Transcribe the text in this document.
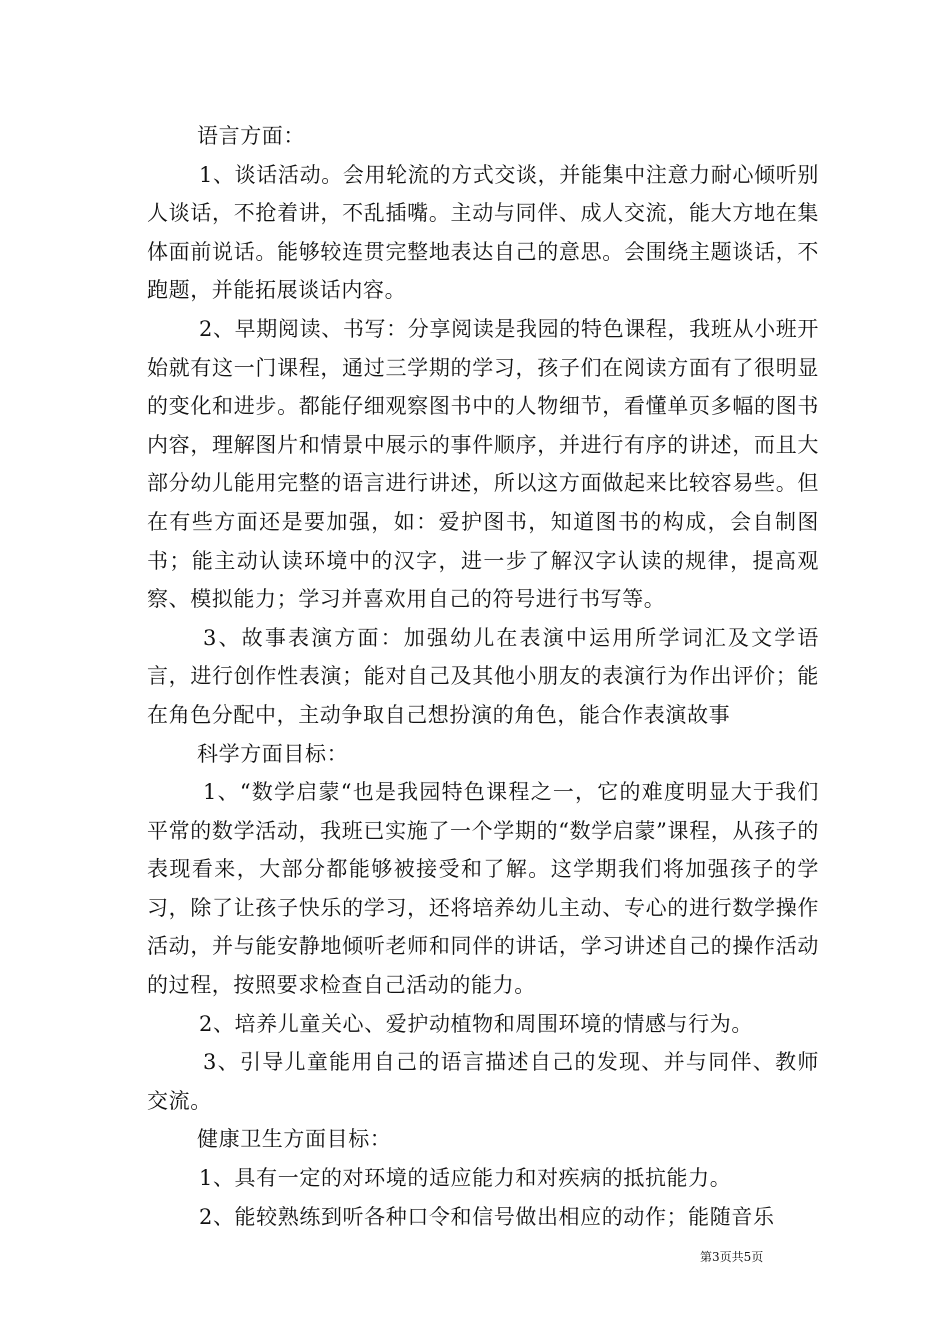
语言方面：

1、谈话活动。会用轮流的方式交谈，并能集中注意力耐心倾听别人谈话，不抢着讲，不乱插嘴。主动与同伴、成人交流，能大方地在集体面前说话。能够较连贯完整地表达自己的意思。会围绕主题谈话，不跑题，并能拓展谈话内容。

2、早期阅读、书写：分享阅读是我园的特色课程，我班从小班开始就有这一门课程，通过三学期的学习，孩子们在阅读方面有了很明显的变化和进步。都能仔细观察图书中的人物细节，看懂单页多幅的图书内容，理解图片和情景中展示的事件顺序，并进行有序的讲述，而且大部分幼儿能用完整的语言进行讲述，所以这方面做起来比较容易些。但在有些方面还是要加强，如：爱护图书，知道图书的构成，会自制图书；能主动认读环境中的汉字，进一步了解汉字认读的规律，提高观察、模拟能力；学习并喜欢用自己的符号进行书写等。

3、故事表演方面：加强幼儿在表演中运用所学词汇及文学语言，进行创作性表演；能对自己及其他小朋友的表演行为作出评价；能在角色分配中，主动争取自己想扮演的角色，能合作表演故事

科学方面目标：

1、“数学启蒙“也是我园特色课程之一，它的难度明显大于我们平常的数学活动，我班已实施了一个学期的“数学启蒙”课程，从孩子的表现看来，大部分都能够被接受和了解。这学期我们将加强孩子的学习，除了让孩子快乐的学习，还将培养幼儿主动、专心的进行数学操作活动，并与能安静地倾听老师和同伴的讲话，学习讲述自己的操作活动的过程，按照要求检查自己活动的能力。

2、培养儿童关心、爱护动植物和周围环境的情感与行为。

3、引导儿童能用自己的语言描述自己的发现、并与同伴、教师交流。

健康卫生方面目标：

1、具有一定的对环境的适应能力和对疾病的抵抗能力。

2、能较熟练到听各种口令和信号做出相应的动作；能随音乐

第3页共5页
